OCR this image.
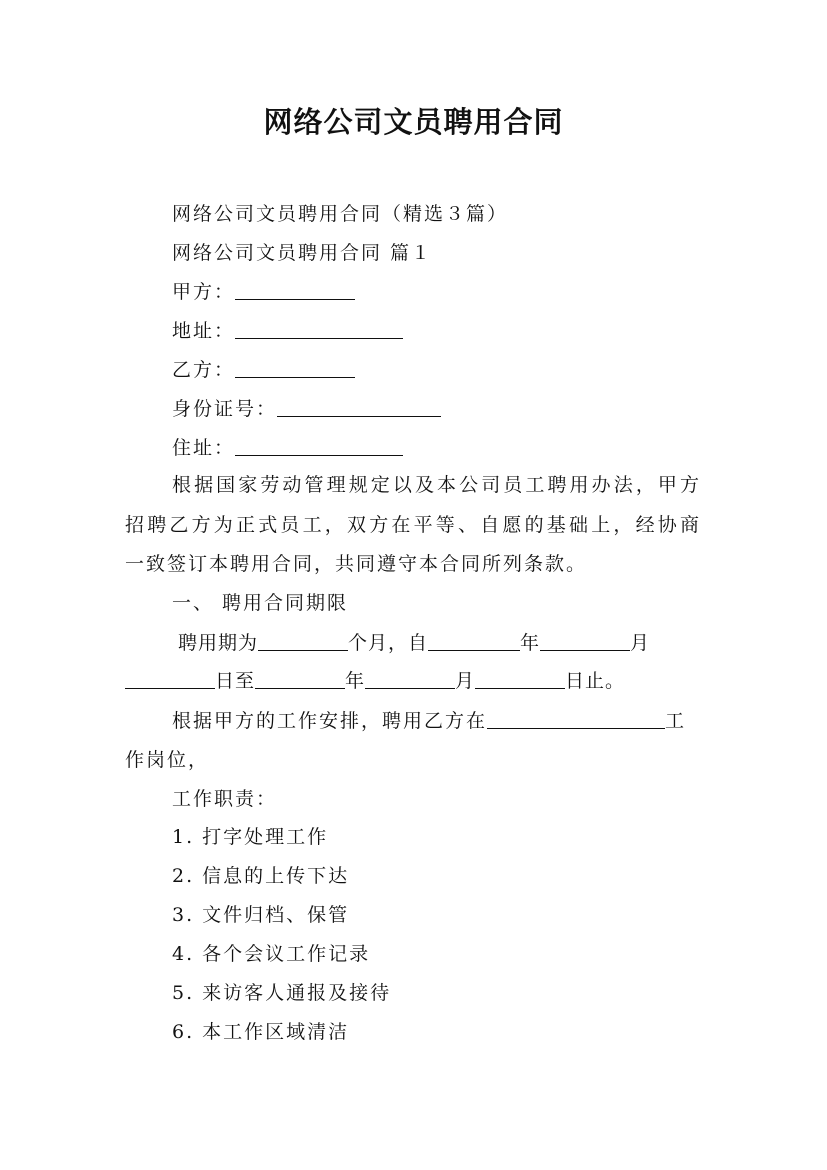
网络公司文员聘用合同
网络公司文员聘用合同（精选３篇）
网络公司文员聘用合同 篇１
甲方：
地址：
乙方：
身份证号：
住址：
根据国家劳动管理规定以及本公司员工聘用办法，甲方
招聘乙方为正式员工，双方在平等、自愿的基础上，经协商
一致签订本聘用合同，共同遵守本合同所列条款。
一、 聘用合同期限
聘用期为	个月，自	年	月
日至	年	月	日止。
根据甲方的工作安排，聘用乙方在	工
作岗位，
工作职责：
1. 打字处理工作
2. 信息的上传下达
3. 文件归档、保管
4. 各个会议工作记录
5. 来访客人通报及接待
6. 本工作区域清洁
